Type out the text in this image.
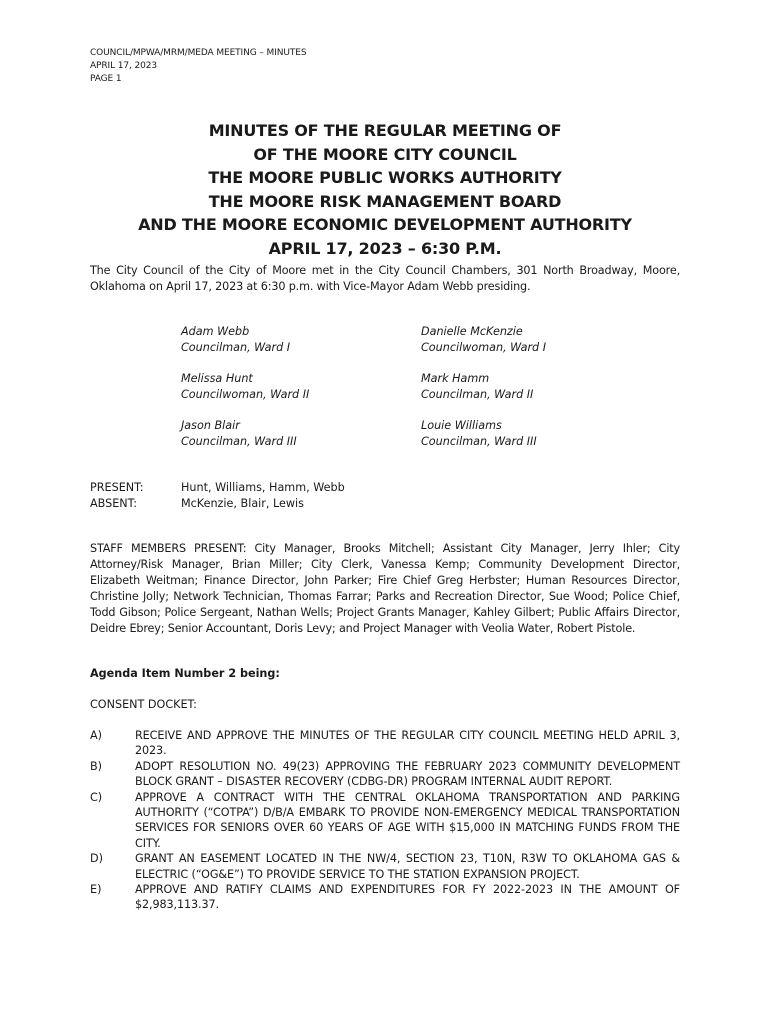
COUNCIL/MPWA/MRM/MEDA MEETING – MINUTES
APRIL 17, 2023
PAGE 1
MINUTES OF THE REGULAR MEETING OF
OF THE MOORE CITY COUNCIL
THE MOORE PUBLIC WORKS AUTHORITY
THE MOORE RISK MANAGEMENT BOARD
AND THE MOORE ECONOMIC DEVELOPMENT AUTHORITY
APRIL 17, 2023 – 6:30 P.M.
The City Council of the City of Moore met in the City Council Chambers, 301 North Broadway, Moore, Oklahoma on April 17, 2023 at 6:30 p.m. with Vice-Mayor Adam Webb presiding.
Adam Webb
Councilman, Ward I
Danielle McKenzie
Councilwoman, Ward I
Melissa Hunt
Councilwoman, Ward II
Mark Hamm
Councilman, Ward II
Jason Blair
Councilman, Ward III
Louie Williams
Councilman, Ward III
PRESENT:	Hunt, Williams, Hamm, Webb
ABSENT:	McKenzie, Blair, Lewis
STAFF MEMBERS PRESENT: City Manager, Brooks Mitchell; Assistant City Manager, Jerry Ihler; City Attorney/Risk Manager, Brian Miller; City Clerk, Vanessa Kemp; Community Development Director, Elizabeth Weitman; Finance Director, John Parker; Fire Chief Greg Herbster; Human Resources Director, Christine Jolly; Network Technician, Thomas Farrar; Parks and Recreation Director, Sue Wood; Police Chief, Todd Gibson; Police Sergeant, Nathan Wells; Project Grants Manager, Kahley Gilbert; Public Affairs Director, Deidre Ebrey; Senior Accountant, Doris Levy; and Project Manager with Veolia Water, Robert Pistole.
Agenda Item Number 2 being:
CONSENT DOCKET:
A)	RECEIVE AND APPROVE THE MINUTES OF THE REGULAR CITY COUNCIL MEETING HELD APRIL 3, 2023.
B)	ADOPT RESOLUTION NO. 49(23) APPROVING THE FEBRUARY 2023 COMMUNITY DEVELOPMENT BLOCK GRANT – DISASTER RECOVERY (CDBG-DR) PROGRAM INTERNAL AUDIT REPORT.
C)	APPROVE A CONTRACT WITH THE CENTRAL OKLAHOMA TRANSPORTATION AND PARKING AUTHORITY (“COTPA”) D/B/A EMBARK TO PROVIDE NON-EMERGENCY MEDICAL TRANSPORTATION SERVICES FOR SENIORS OVER 60 YEARS OF AGE WITH $15,000 IN MATCHING FUNDS FROM THE CITY.
D)	GRANT AN EASEMENT LOCATED IN THE NW/4, SECTION 23, T10N, R3W TO OKLAHOMA GAS & ELECTRIC (“OG&E”) TO PROVIDE SERVICE TO THE STATION EXPANSION PROJECT.
E)	APPROVE AND RATIFY CLAIMS AND EXPENDITURES FOR FY 2022-2023 IN THE AMOUNT OF $2,983,113.37.
